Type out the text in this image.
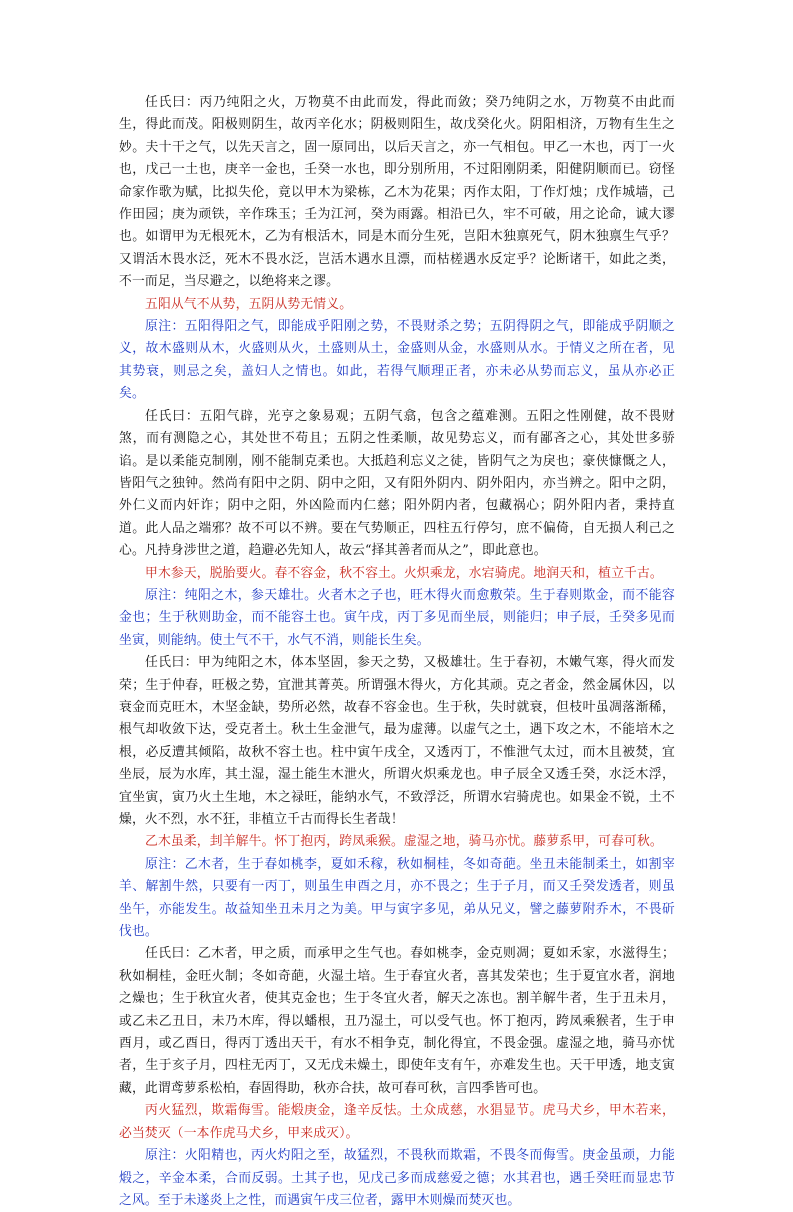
任氏曰：丙乃纯阳之火，万物莫不由此而发，得此而敛；癸乃纯阴之水，万物莫不由此而生，得此而茂。阳极则阴生，故丙辛化水；阴极则阳生，故戊癸化火。阴阳相济，万物有生生之妙。夫十干之气，以先天言之，固一原同出，以后天言之，亦一气相包。甲乙一木也，丙丁一火也，戊己一土也，庚辛一金也，壬癸一水也，即分别所用，不过阳刚阴柔，阳健阴顺而已。窃怪命家作歌为赋，比拟失伦，竟以甲木为梁栋，乙木为花果；丙作太阳，丁作灯烛；戊作城墙，己作田园；庚为顽铁，辛作珠玉；壬为江河，癸为雨露。相沿已久，牢不可破，用之论命，诚大谬也。如谓甲为无根死木，乙为有根活木，同是木而分生死，岂阳木独禀死气，阴木独禀生气乎？又谓活木畏水泛，死木不畏水泛，岂活木遇水且漂，而枯槎遇水反定乎？论断诸干，如此之类，不一而足，当尽避之，以绝将来之谬。

五阳从气不从势，五阴从势无情义。

原注：五阳得阳之气，即能成乎阳刚之势，不畏财杀之势；五阴得阴之气，即能成乎阴顺之义，故木盛则从木，火盛则从火，土盛则从土，金盛则从金，水盛则从水。于情义之所在者，见其势衰，则忌之矣，盖妇人之情也。如此，若得气顺理正者，亦未必从势而忘义，虽从亦必正矣。

任氏曰：五阳气辟，光亨之象易观；五阴气翕，包含之蕴难测。五阳之性刚健，故不畏财煞，而有测隐之心，其处世不苟且；五阴之性柔顺，故见势忘义，而有鄙吝之心，其处世多骄谄。是以柔能克制刚，刚不能制克柔也。大抵趋利忘义之徒，皆阴气之为戾也；豪侠慷慨之人，皆阳气之独钟。然尚有阳中之阴、阴中之阳，又有阳外阴内、阴外阳内，亦当辨之。阳中之阴，外仁义而内奸诈；阴中之阳，外凶险而内仁慈；阳外阴内者，包藏祸心；阴外阳内者，秉持直道。此人品之端邪？故不可以不辨。要在气势顺正，四柱五行停匀，庶不偏倚，自无损人利己之心。凡持身涉世之道，趋避必先知人，故云“择其善者而从之”，即此意也。

甲木参天，脱胎要火。春不容金，秋不容土。火炽乘龙，水宕骑虎。地润天和，植立千古。

原注：纯阳之木，参天雄壮。火者木之子也，旺木得火而愈敷荣。生于春则欺金，而不能容金也；生于秋则助金，而不能容土也。寅午戌，丙丁多见而坐辰，则能归；申子辰，壬癸多见而坐寅，则能纳。使土气不干，水气不消，则能长生矣。

任氏曰：甲为纯阳之木，体本坚固，参天之势，又极雄壮。生于春初，木嫩气寒，得火而发荣；生于仲春，旺极之势，宜泄其菁英。所谓强木得火，方化其顽。克之者金，然金属休囚，以衰金而克旺木，木坚金缺，势所必然，故春不容金也。生于秋，失时就衰，但枝叶虽凋落渐稀，根气却收敛下达，受克者土。秋土生金泄气，最为虚薄。以虚气之土，遇下攻之木，不能培木之根，必反遭其倾陷，故秋不容土也。柱中寅午戌全，又透丙丁，不惟泄气太过，而木且被焚，宜坐辰，辰为水库，其土湿，湿土能生木泄火，所谓火炽乘龙也。申子辰全又透壬癸，水泛木浮，宜坐寅，寅乃火土生地，木之禄旺，能纳水气，不致浮泛，所谓水宕骑虎也。如果金不锐，土不燥，火不烈，水不狂，非植立千古而得长生者哉！

乙木虽柔，刲羊解牛。怀丁抱丙，跨凤乘猴。虚湿之地，骑马亦忧。藤萝系甲，可春可秋。

原注：乙木者，生于春如桃李，夏如禾稼，秋如桐桂，冬如奇葩。坐丑未能制柔土，如割宰羊、解割牛然，只要有一丙丁，则虽生申酉之月，亦不畏之；生于子月，而又壬癸发透者，则虽坐午，亦能发生。故益知坐丑未月之为美。甲与寅字多见，弟从兄义，譬之藤萝附乔木，不畏斫伐也。

任氏曰：乙木者，甲之质，而承甲之生气也。春如桃李，金克则凋；夏如禾家，水滋得生；秋如桐桂，金旺火制；冬如奇葩，火湿土培。生于春宜火者，喜其发荣也；生于夏宜水者，润地之燥也；生于秋宜火者，使其克金也；生于冬宜火者，解天之冻也。割羊解牛者，生于丑未月，或乙未乙丑日，未乃木库，得以蟠根，丑乃湿土，可以受气也。怀丁抱丙，跨凤乘猴者，生于申酉月，或乙酉日，得丙丁透出天干，有水不相争克，制化得宜，不畏金强。虚湿之地，骑马亦忧者，生于亥子月，四柱无丙丁，又无戊未燥土，即使年支有午，亦难发生也。天干甲透，地支寅藏，此谓鸢萝系松柏，春固得助，秋亦合扶，故可春可秋，言四季皆可也。

丙火猛烈，欺霜侮雪。能煅庚金，逢辛反怯。土众成慈，水猖显节。虎马犬乡，甲木若来，必当焚灭（一本作虎马犬乡，甲来成灭）。

原注：火阳精也，丙火灼阳之至，故猛烈，不畏秋而欺霜，不畏冬而侮雪。庚金虽顽，力能煅之，辛金本柔，合而反弱。土其子也，见戊己多而成慈爱之德；水其君也，遇壬癸旺而显忠节之风。至于未遂炎上之性，而遇寅午戌三位者，露甲木则燥而焚灭也。
